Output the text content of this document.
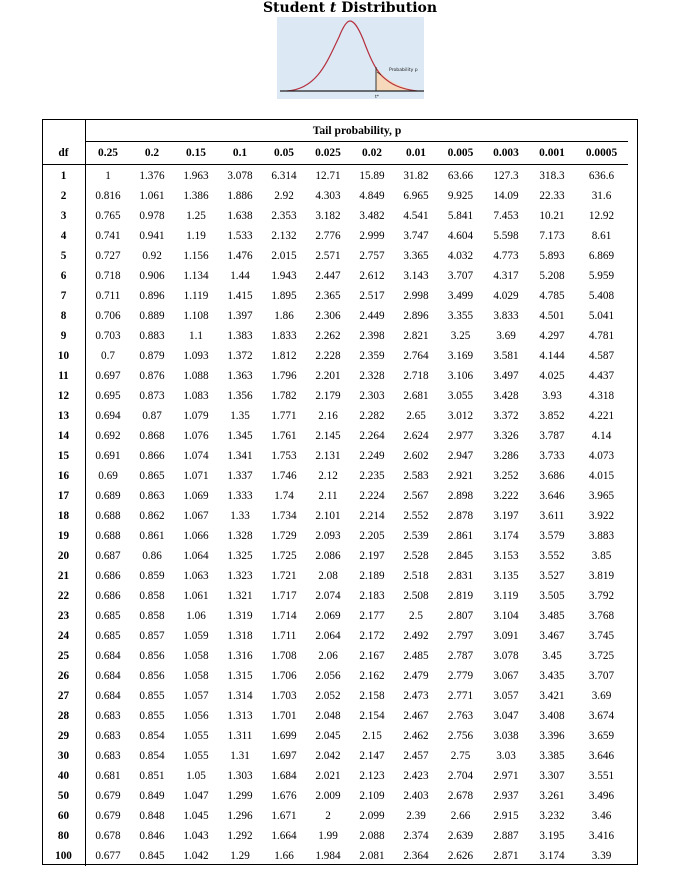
Student t Distribution
Probability p
t*
	Tail probability, p											
df	0.25	0.2	0.15	0.1	0.05	0.025	0.02	0.01	0.005	0.003	0.001	0.0005
1	1	1.376	1.963	3.078	6.314	12.71	15.89	31.82	63.66	127.3	318.3	636.6
2	0.816	1.061	1.386	1.886	2.92	4.303	4.849	6.965	9.925	14.09	22.33	31.6
3	0.765	0.978	1.25	1.638	2.353	3.182	3.482	4.541	5.841	7.453	10.21	12.92
4	0.741	0.941	1.19	1.533	2.132	2.776	2.999	3.747	4.604	5.598	7.173	8.61
5	0.727	0.92	1.156	1.476	2.015	2.571	2.757	3.365	4.032	4.773	5.893	6.869
6	0.718	0.906	1.134	1.44	1.943	2.447	2.612	3.143	3.707	4.317	5.208	5.959
7	0.711	0.896	1.119	1.415	1.895	2.365	2.517	2.998	3.499	4.029	4.785	5.408
8	0.706	0.889	1.108	1.397	1.86	2.306	2.449	2.896	3.355	3.833	4.501	5.041
9	0.703	0.883	1.1	1.383	1.833	2.262	2.398	2.821	3.25	3.69	4.297	4.781
10	0.7	0.879	1.093	1.372	1.812	2.228	2.359	2.764	3.169	3.581	4.144	4.587
11	0.697	0.876	1.088	1.363	1.796	2.201	2.328	2.718	3.106	3.497	4.025	4.437
12	0.695	0.873	1.083	1.356	1.782	2.179	2.303	2.681	3.055	3.428	3.93	4.318
13	0.694	0.87	1.079	1.35	1.771	2.16	2.282	2.65	3.012	3.372	3.852	4.221
14	0.692	0.868	1.076	1.345	1.761	2.145	2.264	2.624	2.977	3.326	3.787	4.14
15	0.691	0.866	1.074	1.341	1.753	2.131	2.249	2.602	2.947	3.286	3.733	4.073
16	0.69	0.865	1.071	1.337	1.746	2.12	2.235	2.583	2.921	3.252	3.686	4.015
17	0.689	0.863	1.069	1.333	1.74	2.11	2.224	2.567	2.898	3.222	3.646	3.965
18	0.688	0.862	1.067	1.33	1.734	2.101	2.214	2.552	2.878	3.197	3.611	3.922
19	0.688	0.861	1.066	1.328	1.729	2.093	2.205	2.539	2.861	3.174	3.579	3.883
20	0.687	0.86	1.064	1.325	1.725	2.086	2.197	2.528	2.845	3.153	3.552	3.85
21	0.686	0.859	1.063	1.323	1.721	2.08	2.189	2.518	2.831	3.135	3.527	3.819
22	0.686	0.858	1.061	1.321	1.717	2.074	2.183	2.508	2.819	3.119	3.505	3.792
23	0.685	0.858	1.06	1.319	1.714	2.069	2.177	2.5	2.807	3.104	3.485	3.768
24	0.685	0.857	1.059	1.318	1.711	2.064	2.172	2.492	2.797	3.091	3.467	3.745
25	0.684	0.856	1.058	1.316	1.708	2.06	2.167	2.485	2.787	3.078	3.45	3.725
26	0.684	0.856	1.058	1.315	1.706	2.056	2.162	2.479	2.779	3.067	3.435	3.707
27	0.684	0.855	1.057	1.314	1.703	2.052	2.158	2.473	2.771	3.057	3.421	3.69
28	0.683	0.855	1.056	1.313	1.701	2.048	2.154	2.467	2.763	3.047	3.408	3.674
29	0.683	0.854	1.055	1.311	1.699	2.045	2.15	2.462	2.756	3.038	3.396	3.659
30	0.683	0.854	1.055	1.31	1.697	2.042	2.147	2.457	2.75	3.03	3.385	3.646
40	0.681	0.851	1.05	1.303	1.684	2.021	2.123	2.423	2.704	2.971	3.307	3.551
50	0.679	0.849	1.047	1.299	1.676	2.009	2.109	2.403	2.678	2.937	3.261	3.496
60	0.679	0.848	1.045	1.296	1.671	2	2.099	2.39	2.66	2.915	3.232	3.46
80	0.678	0.846	1.043	1.292	1.664	1.99	2.088	2.374	2.639	2.887	3.195	3.416
100	0.677	0.845	1.042	1.29	1.66	1.984	2.081	2.364	2.626	2.871	3.174	3.39
